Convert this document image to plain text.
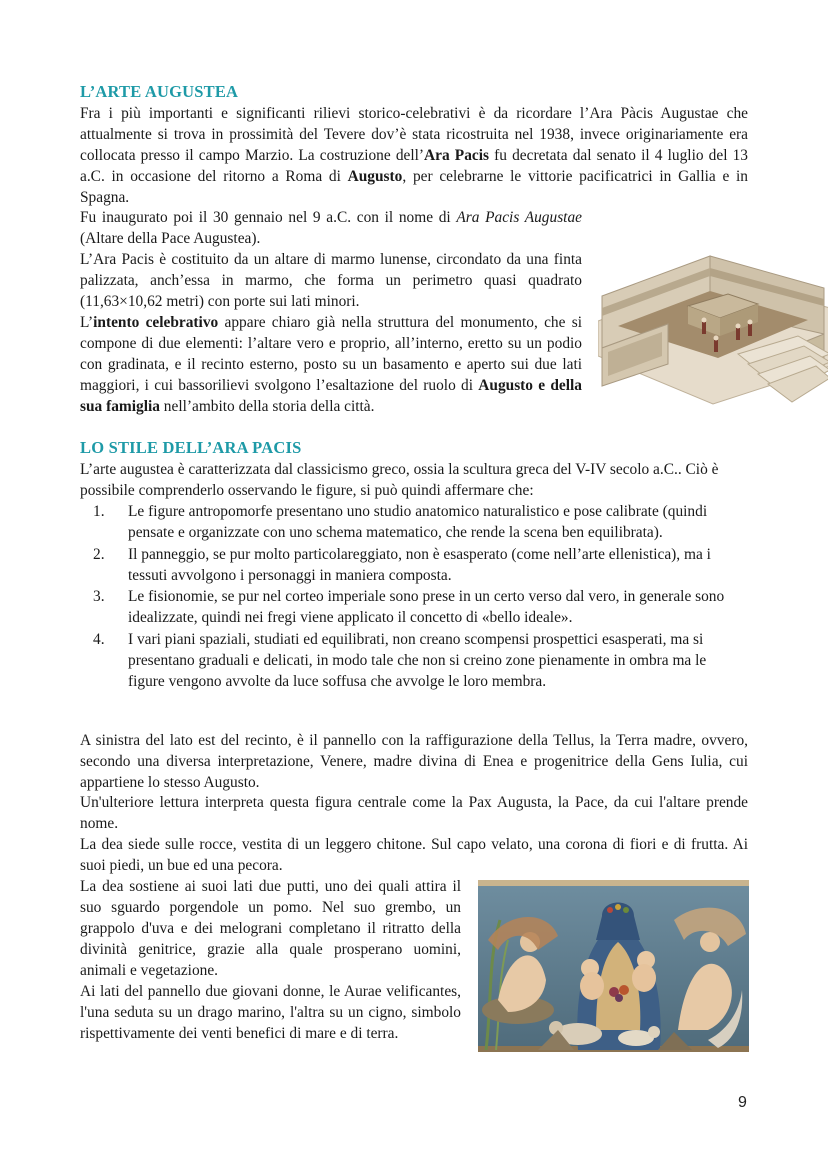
L’ARTE AUGUSTEA

Fra i più importanti e significanti rilievi storico-celebrativi è da ricordare l’Ara Pàcis Augustae che attualmente si trova in prossimità del Tevere dov’è stata ricostruita nel 1938, invece originariamente era collocata presso il campo Marzio. La costruzione dell’Ara Pacis fu decretata dal senato il 4 luglio del 13 a.C. in occasione del ritorno a Roma di Augusto, per celebrarne le vittorie pacificatrici in Gallia e in Spagna.

Fu inaugurato poi il 30 gennaio nel 9 a.C. con il nome di Ara Pacis Augustae (Altare della Pace Augustea).

L’Ara Pacis è costituito da un altare di marmo lunense, circondato da una finta palizzata, anch’essa in marmo, che forma un perimetro quasi quadrato (11,63×10,62 metri) con porte sui lati minori.

L’intento celebrativo appare chiaro già nella struttura del monumento, che si compone di due elementi: l’altare vero e proprio, all’interno, eretto su un podio con gradinata, e il recinto esterno, posto su un basamento e aperto sui due lati maggiori, i cui bassorilievi svolgono l’esaltazione del ruolo di Augusto e della sua famiglia nell’ambito della storia della città.

LO STILE DELL’ARA PACIS

L’arte augustea è caratterizzata dal classicismo greco, ossia la scultura greca del V-IV secolo a.C.. Ciò è possibile comprenderlo osservando le figure, si può quindi affermare che:

1. Le figure antropomorfe presentano uno studio anatomico naturalistico e pose calibrate (quindi pensate e organizzate con uno schema matematico, che rende la scena ben equilibrata).
2. Il panneggio, se pur molto particolareggiato, non è esasperato (come nell’arte ellenistica), ma i tessuti avvolgono i personaggi in maniera composta.
3. Le fisionomie, se pur nel corteo imperiale sono prese in un certo verso dal vero, in generale sono idealizzate, quindi nei fregi viene applicato il concetto di «bello ideale».
4. I vari piani spaziali, studiati ed equilibrati, non creano scompensi prospettici esasperati, ma si presentano graduali e delicati, in modo tale che non si creino zone pienamente in ombra ma le figure vengono avvolte da luce soffusa che avvolge le loro membra.

A sinistra del lato est del recinto, è il pannello con la raffigurazione della Tellus, la Terra madre, ovvero, secondo una diversa interpretazione, Venere, madre divina di Enea e progenitrice della Gens Iulia, cui appartiene lo stesso Augusto.

Un'ulteriore lettura interpreta questa figura centrale come la Pax Augusta, la Pace, da cui l'altare prende nome.

La dea siede sulle rocce, vestita di un leggero chitone. Sul capo velato, una corona di fiori e di frutta. Ai suoi piedi, un bue ed una pecora.

La dea sostiene ai suoi lati due putti, uno dei quali attira il suo sguardo porgendole un pomo. Nel suo grembo, un grappolo d'uva e dei melograni completano il ritratto della divinità genitrice, grazie alla quale prosperano uomini, animali e vegetazione.

Ai lati del pannello due giovani donne, le Aurae velificantes, l'una seduta su un drago marino, l'altra su un cigno, simbolo rispettivamente dei venti benefici di mare e di terra.

9
